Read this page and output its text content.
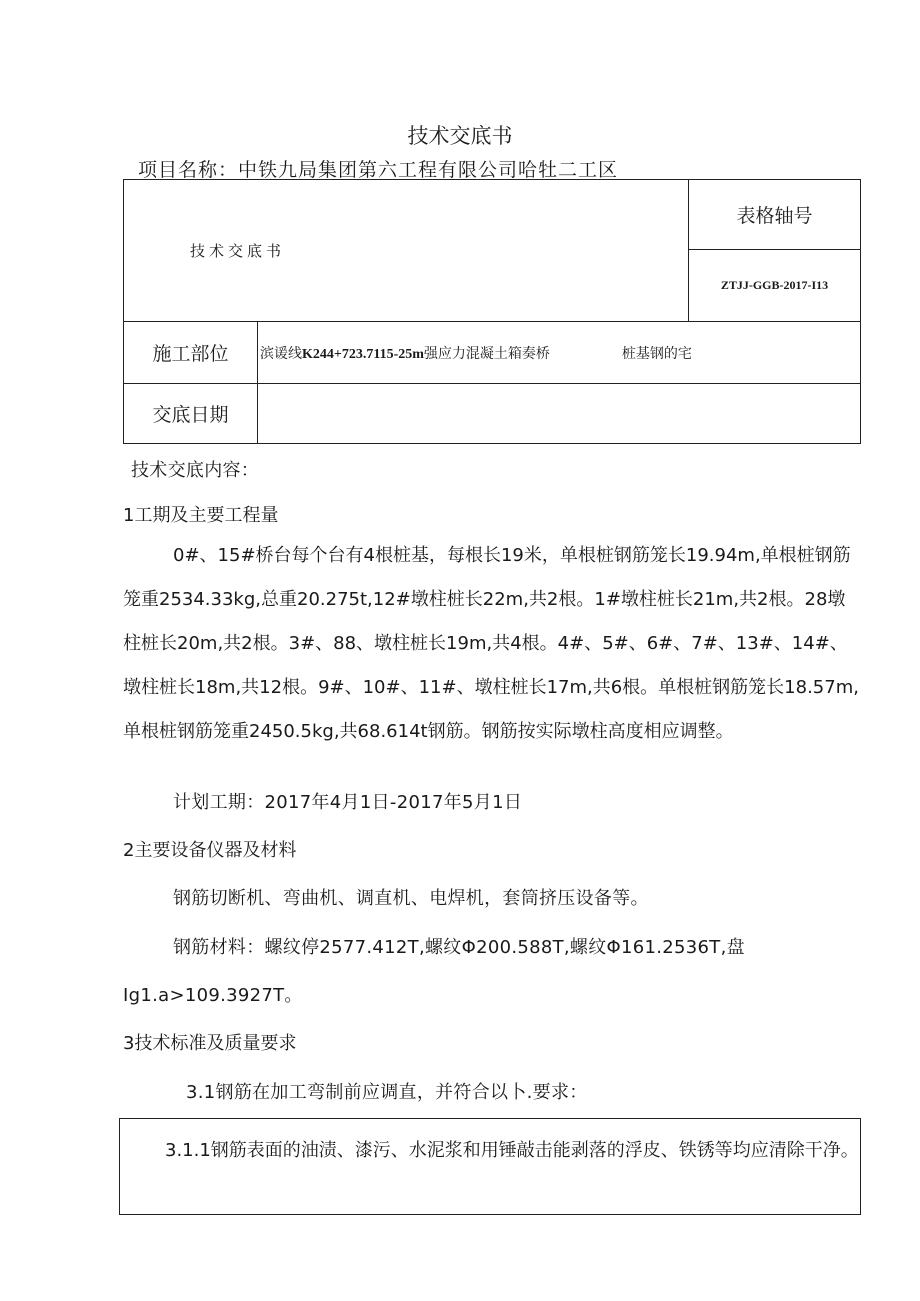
技术交底书
项目名称：中铁九局集团第六工程有限公司哈牡二工区
技术交底书		表格轴号
		ZTJJ-GGB-2017-I13
施工部位	滨谖线K244+723.7115-25m强应力混凝土箱奏桥 桩基钢的宅	
交底日期		
技术交底内容：
1工期及主要工程量
0#、15#桥台每个台有4根桩基，每根长19米，单根桩钢筋笼长19.94m,单根桩钢筋笼重2534.33kg,总重20.275t,12#墩柱桩长22m,共2根。1#墩柱桩长21m,共2根。28墩柱桩长20m,共2根。3#、88、墩柱桩长19m,共4根。4#、5#、6#、7#、13#、14#、墩柱桩长18m,共12根。9#、10#、11#、墩柱桩长17m,共6根。单根桩钢筋笼长18.57m,单根桩钢筋笼重2450.5kg,共68.614t钢筋。钢筋按实际墩柱高度相应调整。
计划工期：2017年4月1日-2017年5月1日
2主要设备仪器及材料
钢筋切断机、弯曲机、调直机、电焊机，套筒挤压设备等。
钢筋材料：螺纹停2577.412T,螺纹Φ200.588T,螺纹Φ161.2536T,盘
Ig1.a>109.3927T。
3技术标准及质量要求
3.1钢筋在加工弯制前应调直，并符合以卜.要求：
3.1.1钢筋表面的油渍、漆污、水泥浆和用锤敲击能剥落的浮皮、铁锈等均应清除干净。
